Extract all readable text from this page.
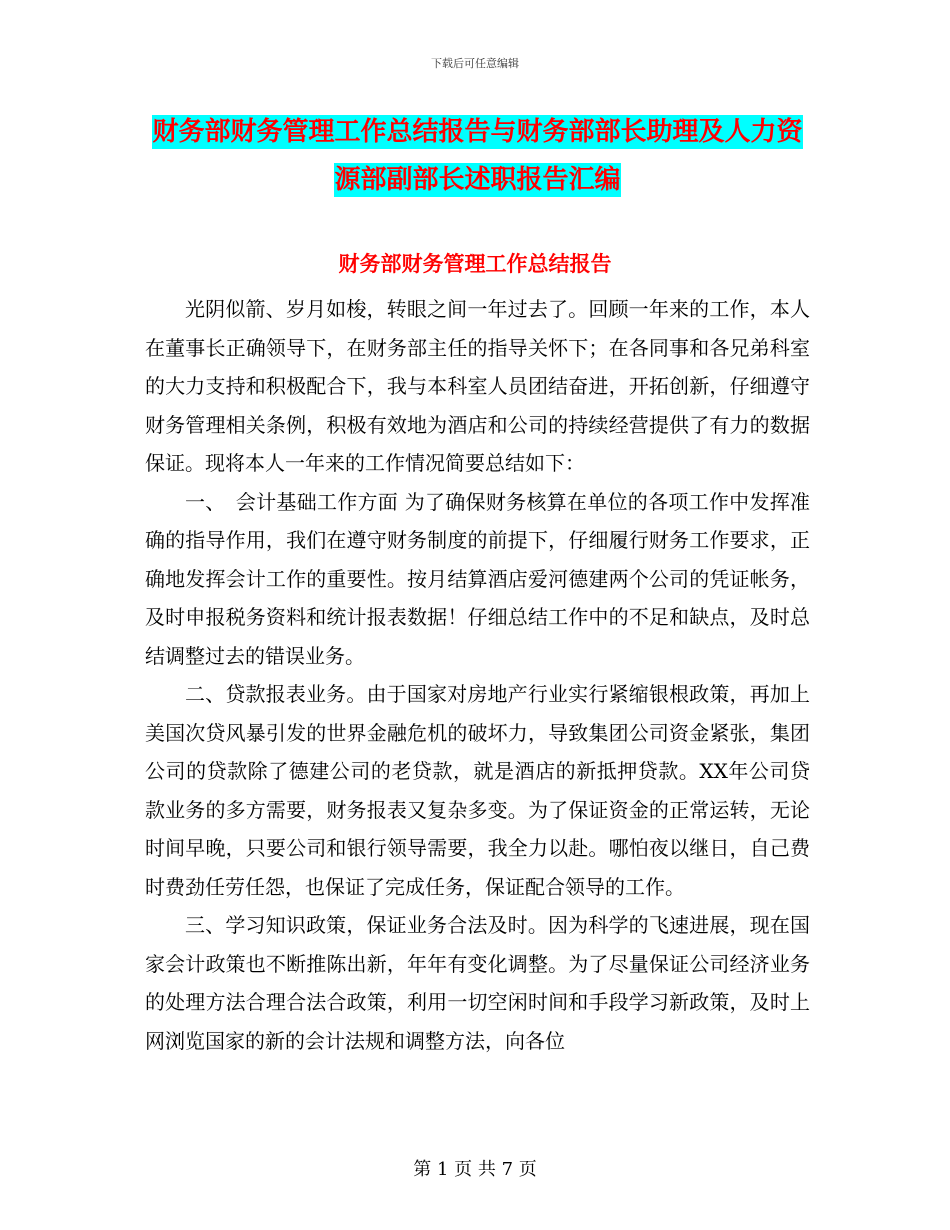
下载后可任意编辑
财务部财务管理工作总结报告与财务部部长助理及人力资源部副部长述职报告汇编
财务部财务管理工作总结报告

光阴似箭、岁月如梭，转眼之间一年过去了。回顾一年来的工作，本人在董事长正确领导下，在财务部主任的指导关怀下；在各同事和各兄弟科室的大力支持和积极配合下，我与本科室人员团结奋进，开拓创新，仔细遵守财务管理相关条例，积极有效地为酒店和公司的持续经营提供了有力的数据保证。现将本人一年来的工作情况简要总结如下：

一、　会计基础工作方面 为了确保财务核算在单位的各项工作中发挥准确的指导作用，我们在遵守财务制度的前提下，仔细履行财务工作要求，正确地发挥会计工作的重要性。按月结算酒店爱河德建两个公司的凭证帐务，及时申报税务资料和统计报表数据！仔细总结工作中的不足和缺点，及时总结调整过去的错误业务。

二、贷款报表业务。由于国家对房地产行业实行紧缩银根政策，再加上美国次贷风暴引发的世界金融危机的破坏力，导致集团公司资金紧张，集团公司的贷款除了德建公司的老贷款，就是酒店的新抵押贷款。XX年公司贷款业务的多方需要，财务报表又复杂多变。为了保证资金的正常运转，无论时间早晚，只要公司和银行领导需要，我全力以赴。哪怕夜以继日，自己费时费劲任劳任怨，也保证了完成任务，保证配合领导的工作。

三、学习知识政策，保证业务合法及时。因为科学的飞速进展，现在国家会计政策也不断推陈出新，年年有变化调整。为了尽量保证公司经济业务的处理方法合理合法合政策，利用一切空闲时间和手段学习新政策，及时上网浏览国家的新的会计法规和调整方法，向各位

第 1 页 共 7 页
